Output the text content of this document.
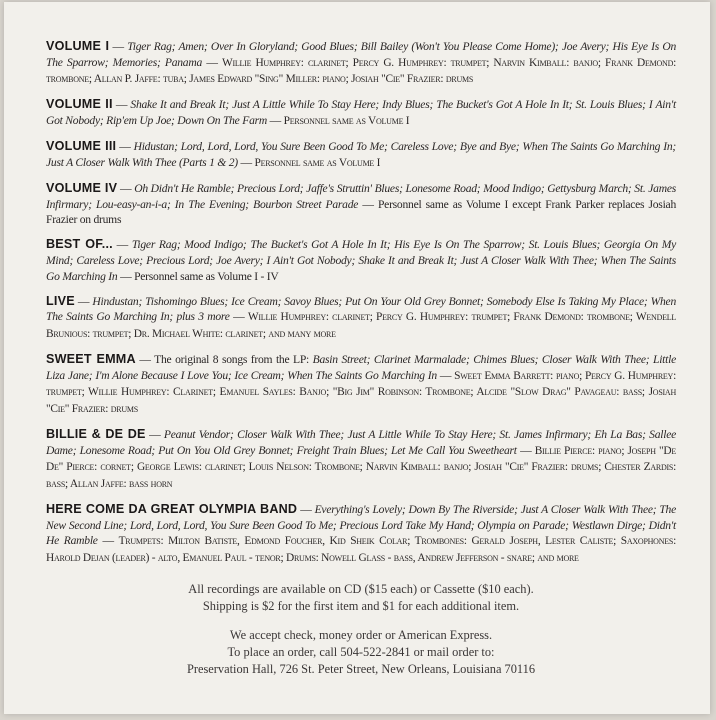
VOLUME I — Tiger Rag; Amen; Over In Gloryland; Good Blues; Bill Bailey (Won't You Please Come Home); Joe Avery; His Eye Is On The Sparrow; Memories; Panama — Willie Humphrey: clarinet; Percy G. Humphrey: trumpet; Narvin Kimball: banjo; Frank Demond: trombone; Allan P. Jaffe: tuba; James Edward "Sing" Miller: piano; Josiah "Cie" Frazier: drums

VOLUME II — Shake It and Break It; Just A Little While To Stay Here; Indy Blues; The Bucket's Got A Hole In It; St. Louis Blues; I Ain't Got Nobody; Rip'em Up Joe; Down On The Farm — Personnel same as Volume I

VOLUME III — Hidustan; Lord, Lord, Lord, You Sure Been Good To Me; Careless Love; Bye and Bye; When The Saints Go Marching In; Just A Closer Walk With Thee (Parts 1 & 2) — Personnel same as Volume I

VOLUME IV — Oh Didn't He Ramble; Precious Lord; Jaffe's Struttin' Blues; Lonesome Road; Mood Indigo; Gettysburg March; St. James Infirmary; Lou-easy-an-i-a; In The Evening; Bourbon Street Parade — Personnel same as Volume I except Frank Parker replaces Josiah Frazier on drums

BEST OF... — Tiger Rag; Mood Indigo; The Bucket's Got A Hole In It; His Eye Is On The Sparrow; St. Louis Blues; Georgia On My Mind; Careless Love; Precious Lord; Joe Avery; I Ain't Got Nobody; Shake It and Break It; Just A Closer Walk With Thee; When The Saints Go Marching In — Personnel same as Volume I - IV

LIVE — Hindustan; Tishomingo Blues; Ice Cream; Savoy Blues; Put On Your Old Grey Bonnet; Somebody Else Is Taking My Place; When The Saints Go Marching In; plus 3 more — Willie Humphrey: clarinet; Percy G. Humphrey: trumpet; Frank Demond: trombone; Wendell Brunious: trumpet; Dr. Michael White: clarinet; and many more

SWEET EMMA — The original 8 songs from the LP: Basin Street; Clarinet Marmalade; Chimes Blues; Closer Walk With Thee; Little Liza Jane; I'm Alone Because I Love You; Ice Cream; When The Saints Go Marching In — Sweet Emma Barrett: piano; Percy G. Humphrey: trumpet; Willie Humphrey: Clarinet; Emanuel Sayles: Banjo; "Big Jim" Robinson: Trombone; Alcide "Slow Drag" Pavageau: bass; Josiah "Cie" Frazier: drums

BILLIE & DE DE — Peanut Vendor; Closer Walk With Thee; Just A Little While To Stay Here; St. James Infirmary; Eh La Bas; Sallee Dame; Lonesome Road; Put On You Old Grey Bonnet; Freight Train Blues; Let Me Call You Sweetheart — Billie Pierce: piano; Joseph "De De" Pierce: cornet; George Lewis: clarinet; Louis Nelson: Trombone; Narvin Kimball: banjo; Josiah "Cie" Frazier: drums; Chester Zardis: bass; Allan Jaffe: bass horn

HERE COME DA GREAT OLYMPIA BAND — Everything's Lovely; Down By The Riverside; Just A Closer Walk With Thee; The New Second Line; Lord, Lord, Lord, You Sure Been Good To Me; Precious Lord Take My Hand; Olympia on Parade; Westlawn Dirge; Didn't He Ramble — Trumpets: Milton Batiste, Edmond Foucher, Kid Sheik Colar; Trombones: Gerald Joseph, Lester Caliste; Saxophones: Harold Dejan (leader) - alto, Emanuel Paul - tenor; Drums: Nowell Glass - bass, Andrew Jefferson - snare; and more

All recordings are available on CD ($15 each) or Cassette ($10 each).

Shipping is $2 for the first item and $1 for each additional item.

We accept check, money order or American Express.

To place an order, call 504-522-2841 or mail order to:

Preservation Hall, 726 St. Peter Street, New Orleans, Louisiana 70116
